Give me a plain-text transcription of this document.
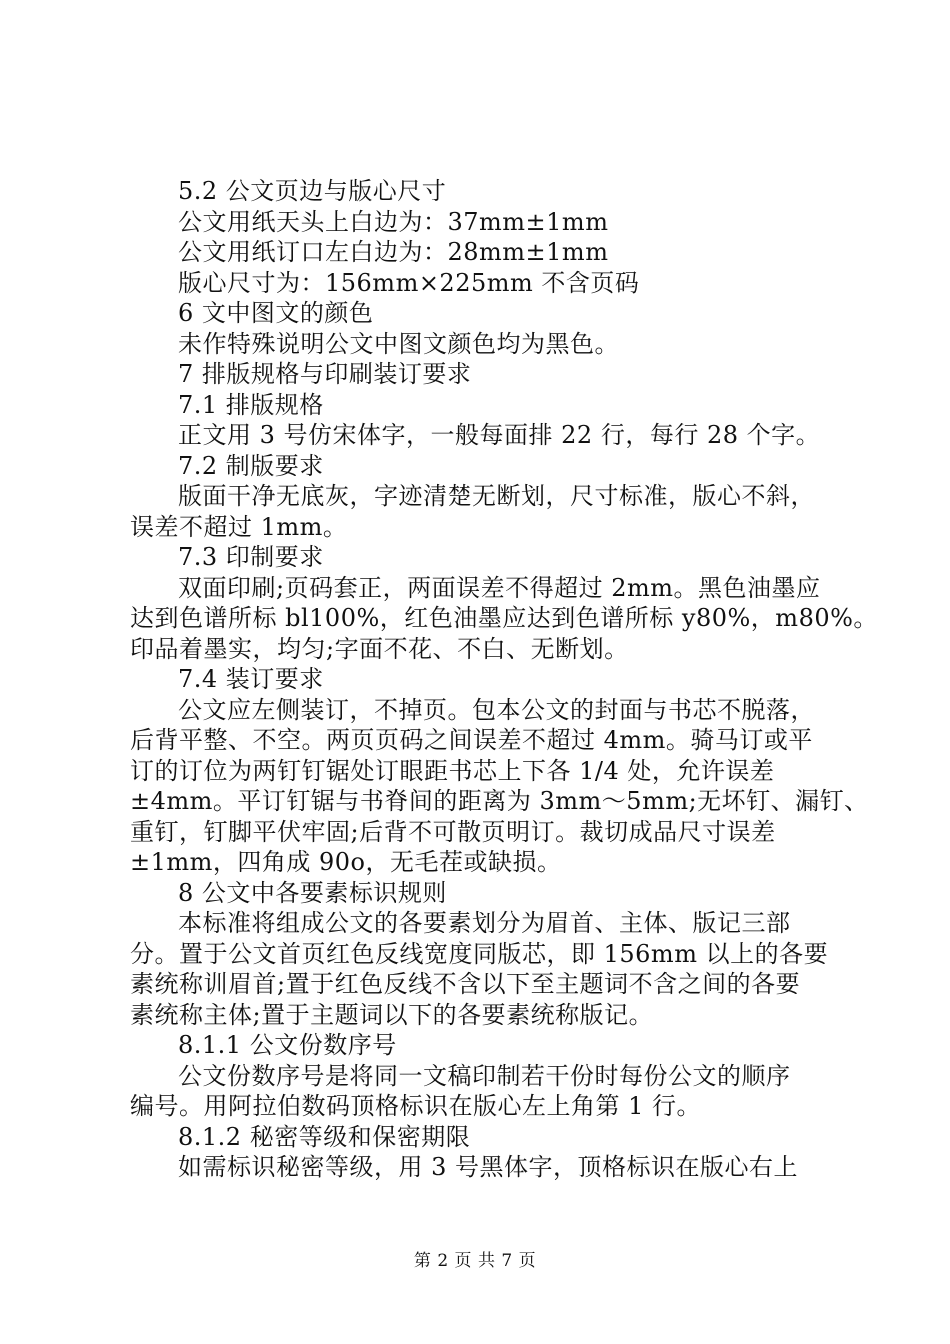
5.2 公文页边与版心尺寸
公文用纸天头上白边为：37mm±1mm
公文用纸订口左白边为：28mm±1mm
版心尺寸为：156mm×225mm 不含页码
6 文中图文的颜色
未作特殊说明公文中图文颜色均为黑色。
7 排版规格与印刷装订要求
7.1 排版规格
正文用 3 号仿宋体字，一般每面排 22 行，每行 28 个字。
7.2 制版要求
版面干净无底灰，字迹清楚无断划，尺寸标准，版心不斜，
误差不超过 1mm。
7.3 印制要求
双面印刷;页码套正，两面误差不得超过 2mm。黑色油墨应
达到色谱所标 bl100%，红色油墨应达到色谱所标 y80%，m80%。
印品着墨实，均匀;字面不花、不白、无断划。
7.4 装订要求
公文应左侧装订，不掉页。包本公文的封面与书芯不脱落，
后背平整、不空。两页页码之间误差不超过 4mm。骑马订或平
订的订位为两钉钉锯处订眼距书芯上下各 1/4 处，允许误差
±4mm。平订钉锯与书脊间的距离为 3mm～5mm;无坏钉、漏钉、
重钉，钉脚平伏牢固;后背不可散页明订。裁切成品尺寸误差
±1mm，四角成 90o，无毛茬或缺损。
8 公文中各要素标识规则
本标准将组成公文的各要素划分为眉首、主体、版记三部
分。置于公文首页红色反线宽度同版芯，即 156mm 以上的各要
素统称训眉首;置于红色反线不含以下至主题词不含之间的各要
素统称主体;置于主题词以下的各要素统称版记。
8.1.1 公文份数序号
公文份数序号是将同一文稿印制若干份时每份公文的顺序
编号。用阿拉伯数码顶格标识在版心左上角第 1 行。
8.1.2 秘密等级和保密期限
如需标识秘密等级，用 3 号黑体字，顶格标识在版心右上
第 2 页 共 7 页
